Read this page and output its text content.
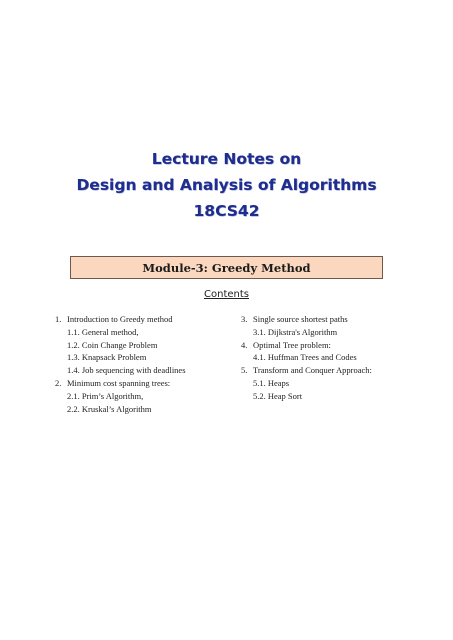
Lecture Notes on
Design and Analysis of Algorithms
18CS42
Module-3: Greedy Method
Contents
1. Introduction to Greedy method
1.1. General method,
1.2. Coin Change Problem
1.3. Knapsack Problem
1.4. Job sequencing with deadlines
2. Minimum cost spanning trees:
2.1. Prim’s Algorithm,
2.2. Kruskal’s Algorithm
3. Single source shortest paths
3.1. Dijkstra's Algorithm
4. Optimal Tree problem:
4.1. Huffman Trees and Codes
5. Transform and Conquer Approach:
5.1. Heaps
5.2. Heap Sort
